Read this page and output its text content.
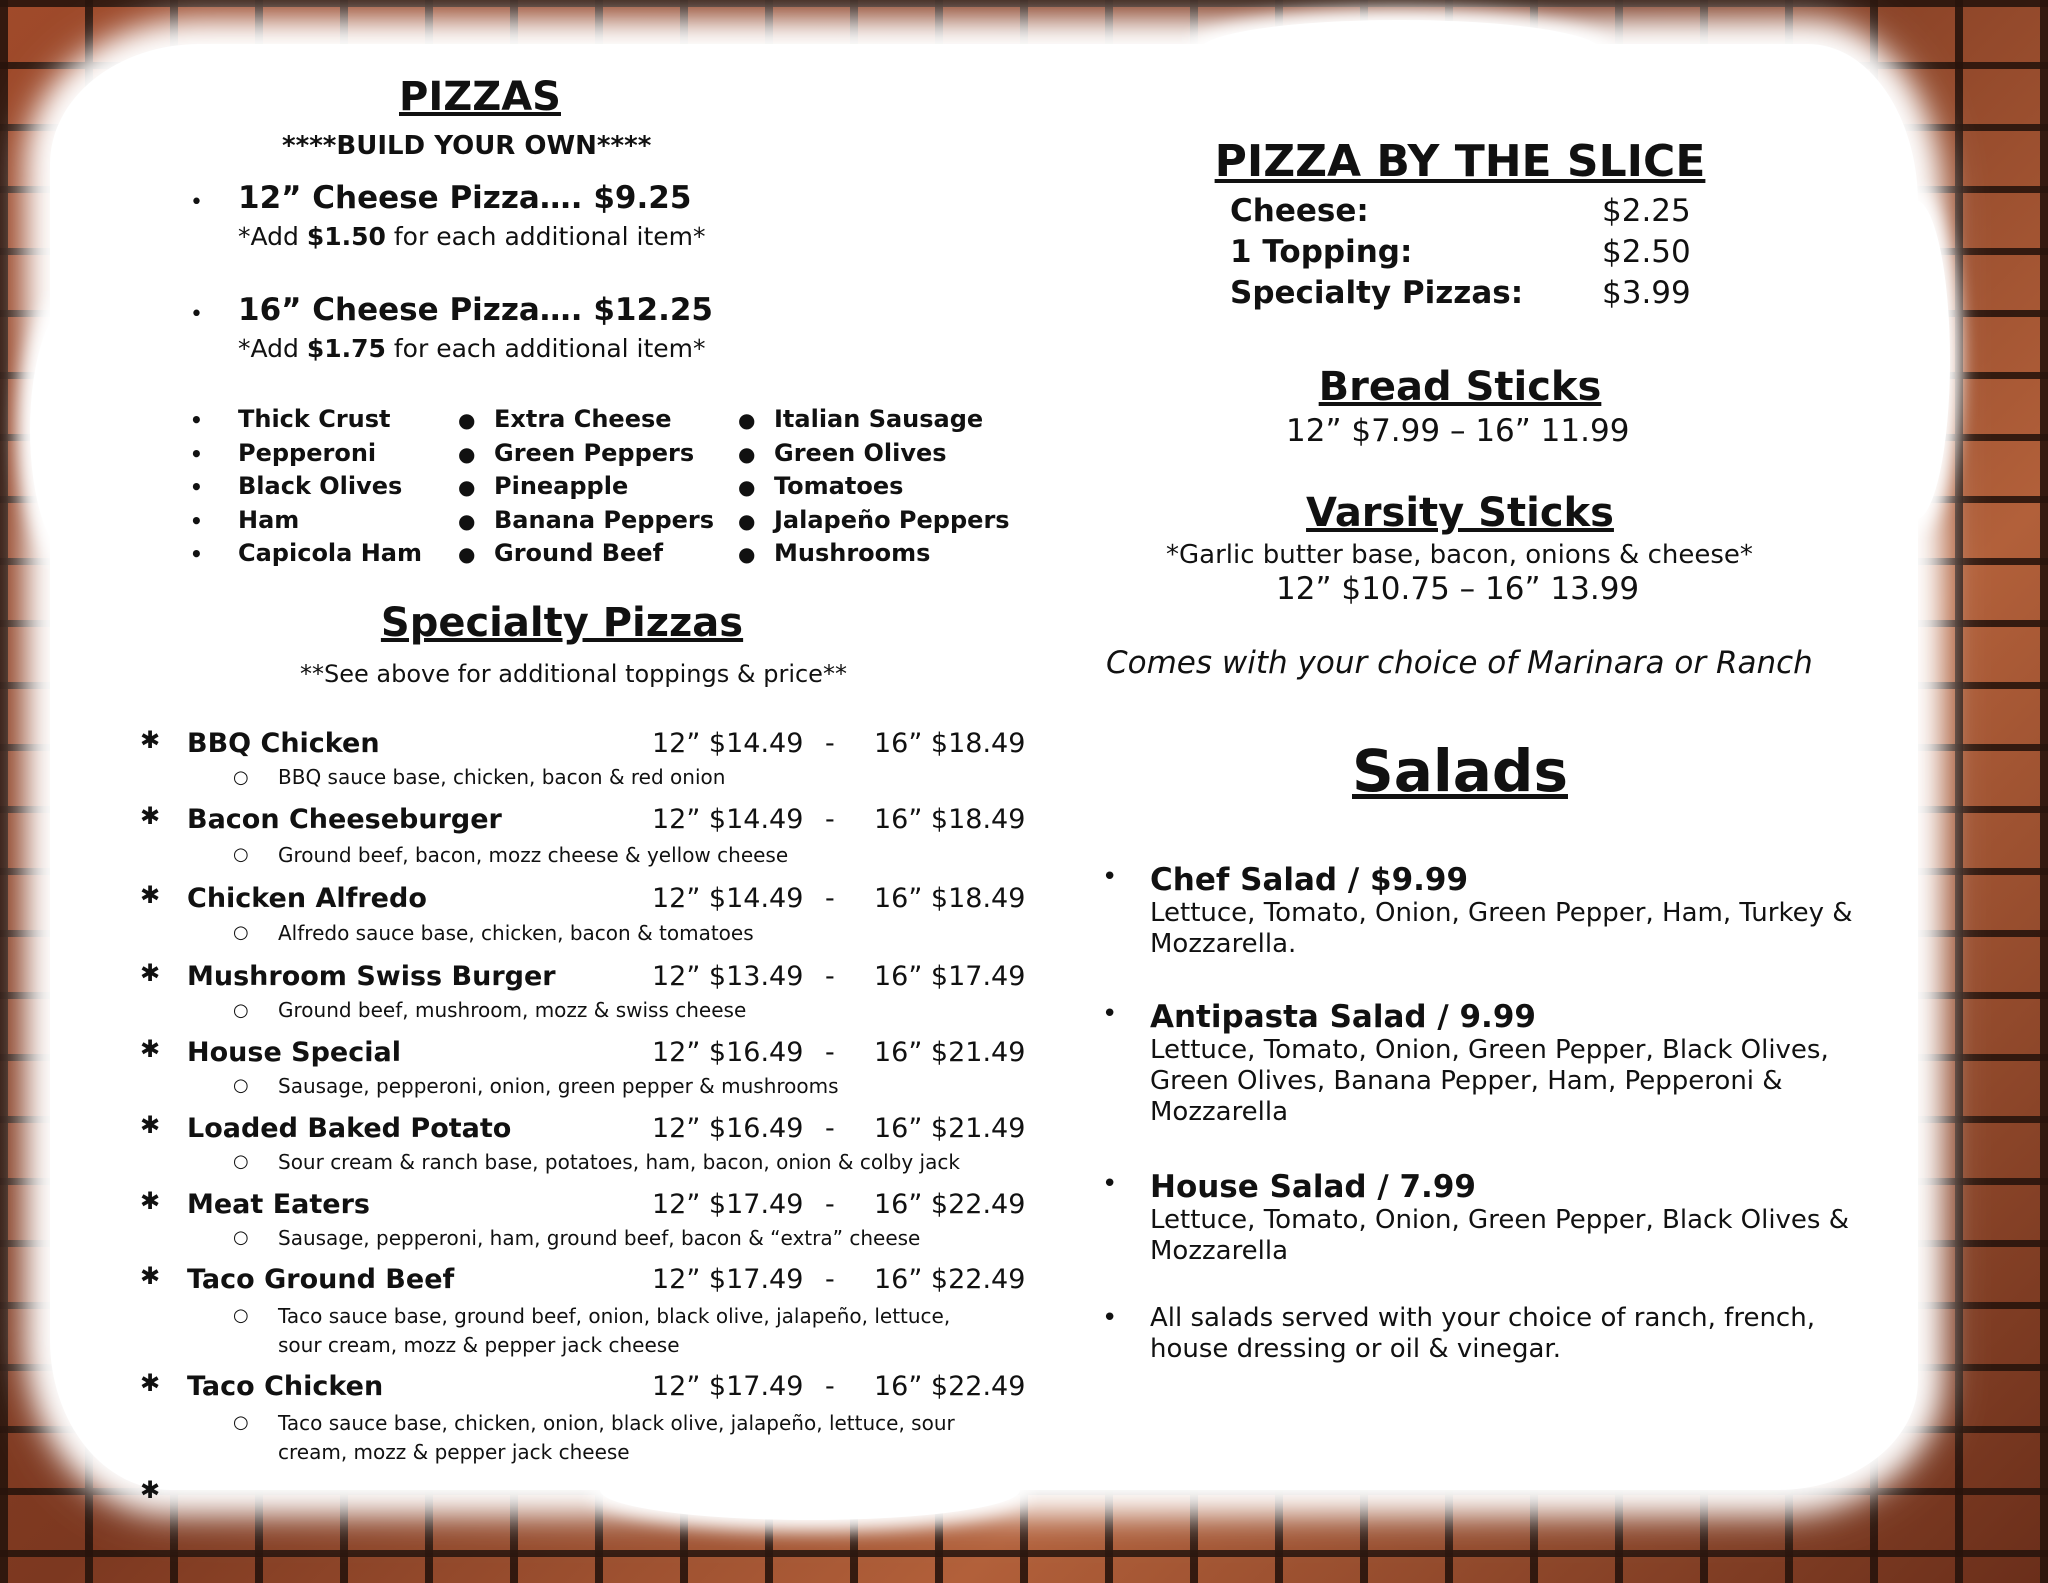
PIZZAS
****BUILD YOUR OWN****
• 12” Cheese Pizza…. $9.25
*Add $1.50 for each additional item*
• 16” Cheese Pizza…. $12.25
*Add $1.75 for each additional item*
• Thick Crust
• Pepperoni
• Black Olives
• Ham
• Capicola Ham
● Extra Cheese
● Green Peppers
● Pineapple
● Banana Peppers
● Ground Beef
● Italian Sausage
● Green Olives
● Tomatoes
● Jalapeño Peppers
● Mushrooms
Specialty Pizzas
**See above for additional toppings & price**
✱ BBQ Chicken	12” $14.49 - 16” $18.49
○ BBQ sauce base, chicken, bacon & red onion
✱ Bacon Cheeseburger	12” $14.49 - 16” $18.49
○ Ground beef, bacon, mozz cheese & yellow cheese
✱ Chicken Alfredo	12” $14.49 - 16” $18.49
○ Alfredo sauce base, chicken, bacon & tomatoes
✱ Mushroom Swiss Burger	12” $13.49 - 16” $17.49
○ Ground beef, mushroom, mozz & swiss cheese
✱ House Special	12” $16.49 - 16” $21.49
○ Sausage, pepperoni, onion, green pepper & mushrooms
✱ Loaded Baked Potato	12” $16.49 - 16” $21.49
○ Sour cream & ranch base, potatoes, ham, bacon, onion & colby jack
✱ Meat Eaters	12” $17.49 - 16” $22.49
○ Sausage, pepperoni, ham, ground beef, bacon & “extra” cheese
✱ Taco Ground Beef	12” $17.49 - 16” $22.49
○ Taco sauce base, ground beef, onion, black olive, jalapeño, lettuce, sour cream, mozz & pepper jack cheese
✱ Taco Chicken	12” $17.49 - 16” $22.49
○ Taco sauce base, chicken, onion, black olive, jalapeño, lettuce, sour cream, mozz & pepper jack cheese
✱
PIZZA BY THE SLICE
Cheese:	$2.25
1 Topping:	$2.50
Specialty Pizzas:	$3.99
Bread Sticks
12” $7.99 – 16” 11.99
Varsity Sticks
*Garlic butter base, bacon, onions & cheese*
12” $10.75 – 16” 13.99
Comes with your choice of Marinara or Ranch
Salads
• Chef Salad / $9.99
Lettuce, Tomato, Onion, Green Pepper, Ham, Turkey & Mozzarella.
• Antipasta Salad / 9.99
Lettuce, Tomato, Onion, Green Pepper, Black Olives, Green Olives, Banana Pepper, Ham, Pepperoni & Mozzarella
• House Salad / 7.99
Lettuce, Tomato, Onion, Green Pepper, Black Olives & Mozzarella
• All salads served with your choice of ranch, french, house dressing or oil & vinegar.
